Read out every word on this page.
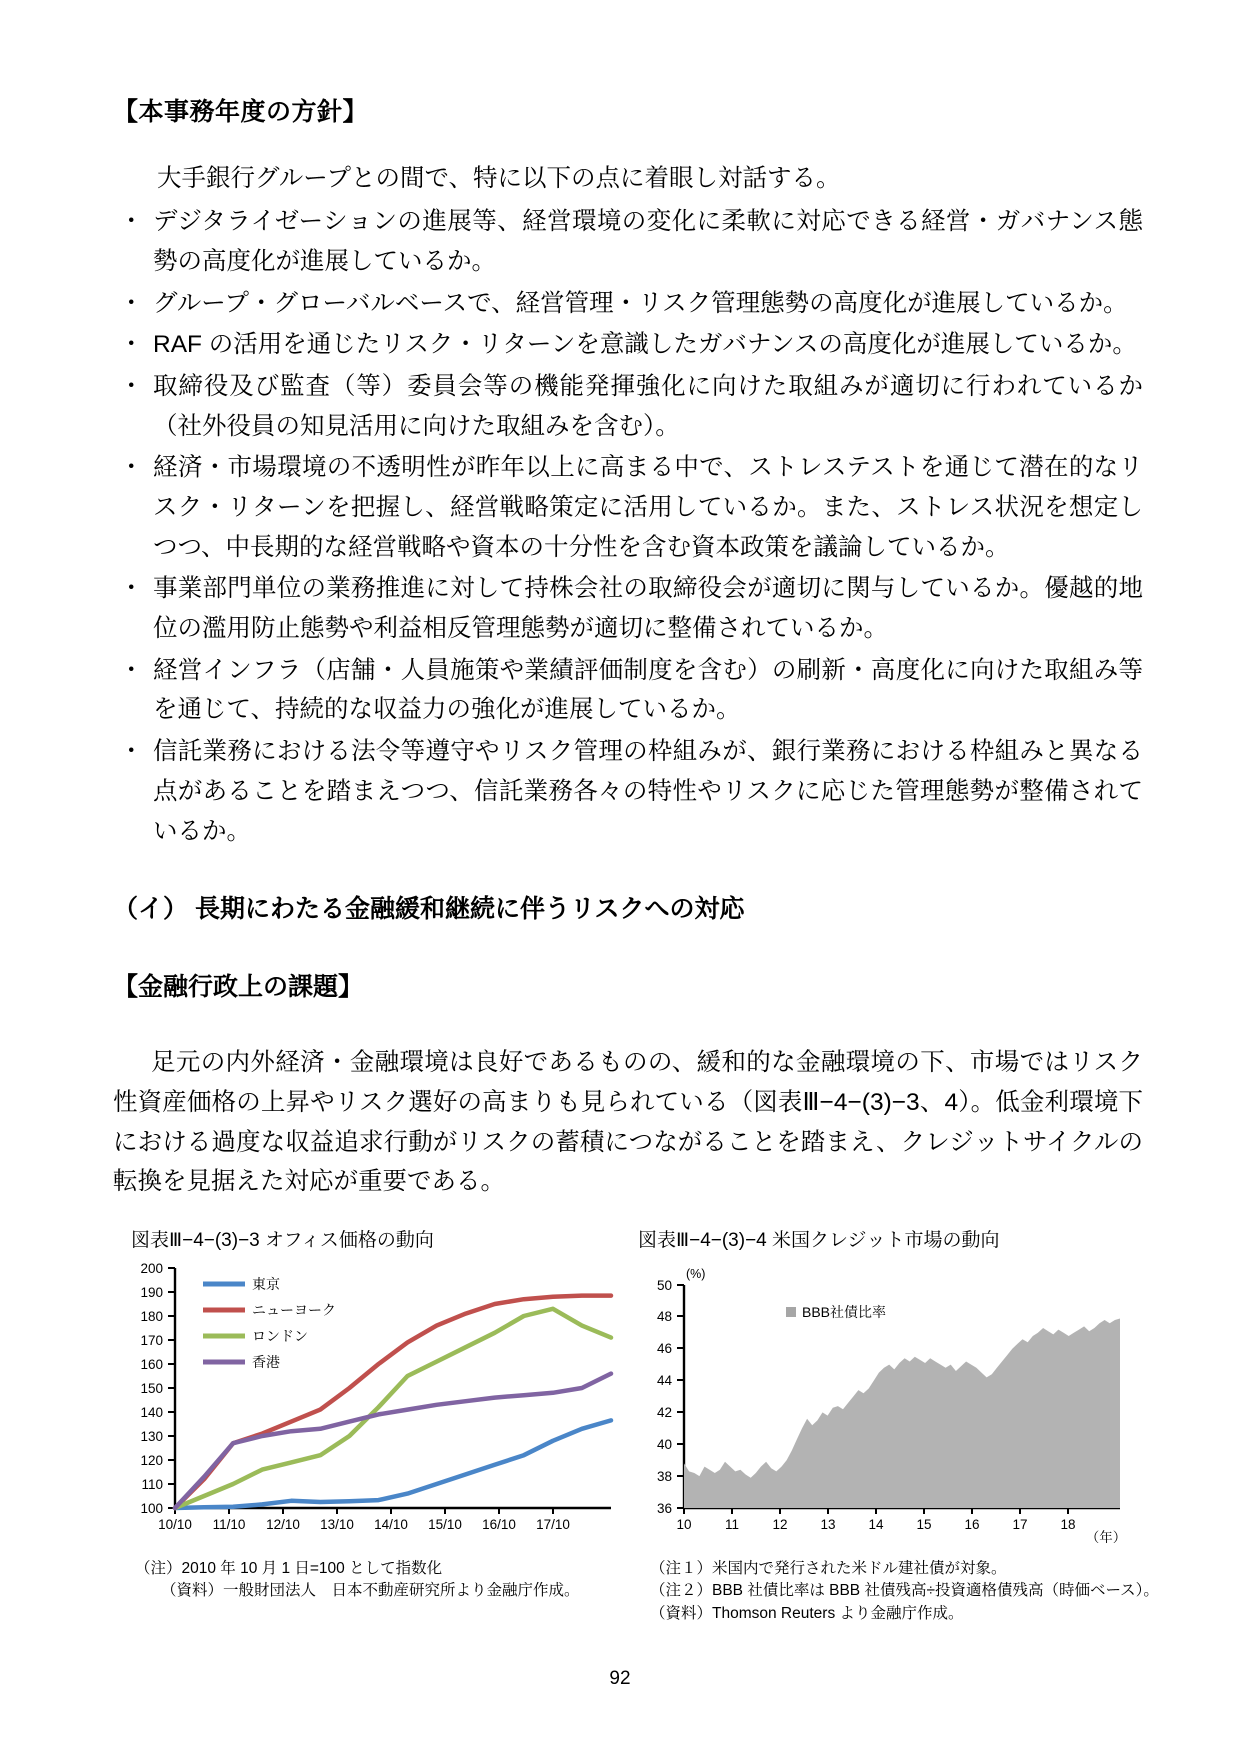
【本事務年度の方針】

大手銀行グループとの間で、特に以下の点に着眼し対話する。

・ デジタライゼーションの進展等、経営環境の変化に柔軟に対応できる経営・ガバナンス態勢の高度化が進展しているか。
・ グループ・グローバルベースで、経営管理・リスク管理態勢の高度化が進展しているか。
・ RAF の活用を通じたリスク・リターンを意識したガバナンスの高度化が進展しているか。
・ 取締役及び監査（等）委員会等の機能発揮強化に向けた取組みが適切に行われているか（社外役員の知見活用に向けた取組みを含む）。
・ 経済・市場環境の不透明性が昨年以上に高まる中で、ストレステストを通じて潜在的なリスク・リターンを把握し、経営戦略策定に活用しているか。また、ストレス状況を想定しつつ、中長期的な経営戦略や資本の十分性を含む資本政策を議論しているか。
・ 事業部門単位の業務推進に対して持株会社の取締役会が適切に関与しているか。優越的地位の濫用防止態勢や利益相反管理態勢が適切に整備されているか。
・ 経営インフラ（店舗・人員施策や業績評価制度を含む）の刷新・高度化に向けた取組み等を通じて、持続的な収益力の強化が進展しているか。
・ 信託業務における法令等遵守やリスク管理の枠組みが、銀行業務における枠組みと異なる点があることを踏まえつつ、信託業務各々の特性やリスクに応じた管理態勢が整備されているか。
（イ） 長期にわたる金融緩和継続に伴うリスクへの対応
【金融行政上の課題】

足元の内外経済・金融環境は良好であるものの、緩和的な金融環境の下、市場ではリスク性資産価格の上昇やリスク選好の高まりも見られている（図表Ⅲ−4−(3)−3、4）。低金利環境下における過度な収益追求行動がリスクの蓄積につながることを踏まえ、クレジットサイクルの転換を見据えた対応が重要である。

図表Ⅲ−4−(3)−3 オフィス価格の動向
100
110
120
130
140
150
160
170
180
190
200
10/10 11/10 12/10 13/10 14/10 15/10 16/10 17/10
東京
ニューヨーク
ロンドン
香港
（注）2010 年 10 月 1 日=100 として指数化
（資料）一般財団法人　日本不動産研究所より金融庁作成。
図表Ⅲ−4−(3)−4 米国クレジット市場の動向
(%)
36
38
40
42
44
46
48
50
10 11 12 13 14 15 16 17 18
（年）
BBB社債比率
（注１）米国内で発行された米ドル建社債が対象。
（注２）BBB 社債比率は BBB 社債残高÷投資適格債残高（時価ベース）。
（資料）Thomson Reuters より金融庁作成。
92
